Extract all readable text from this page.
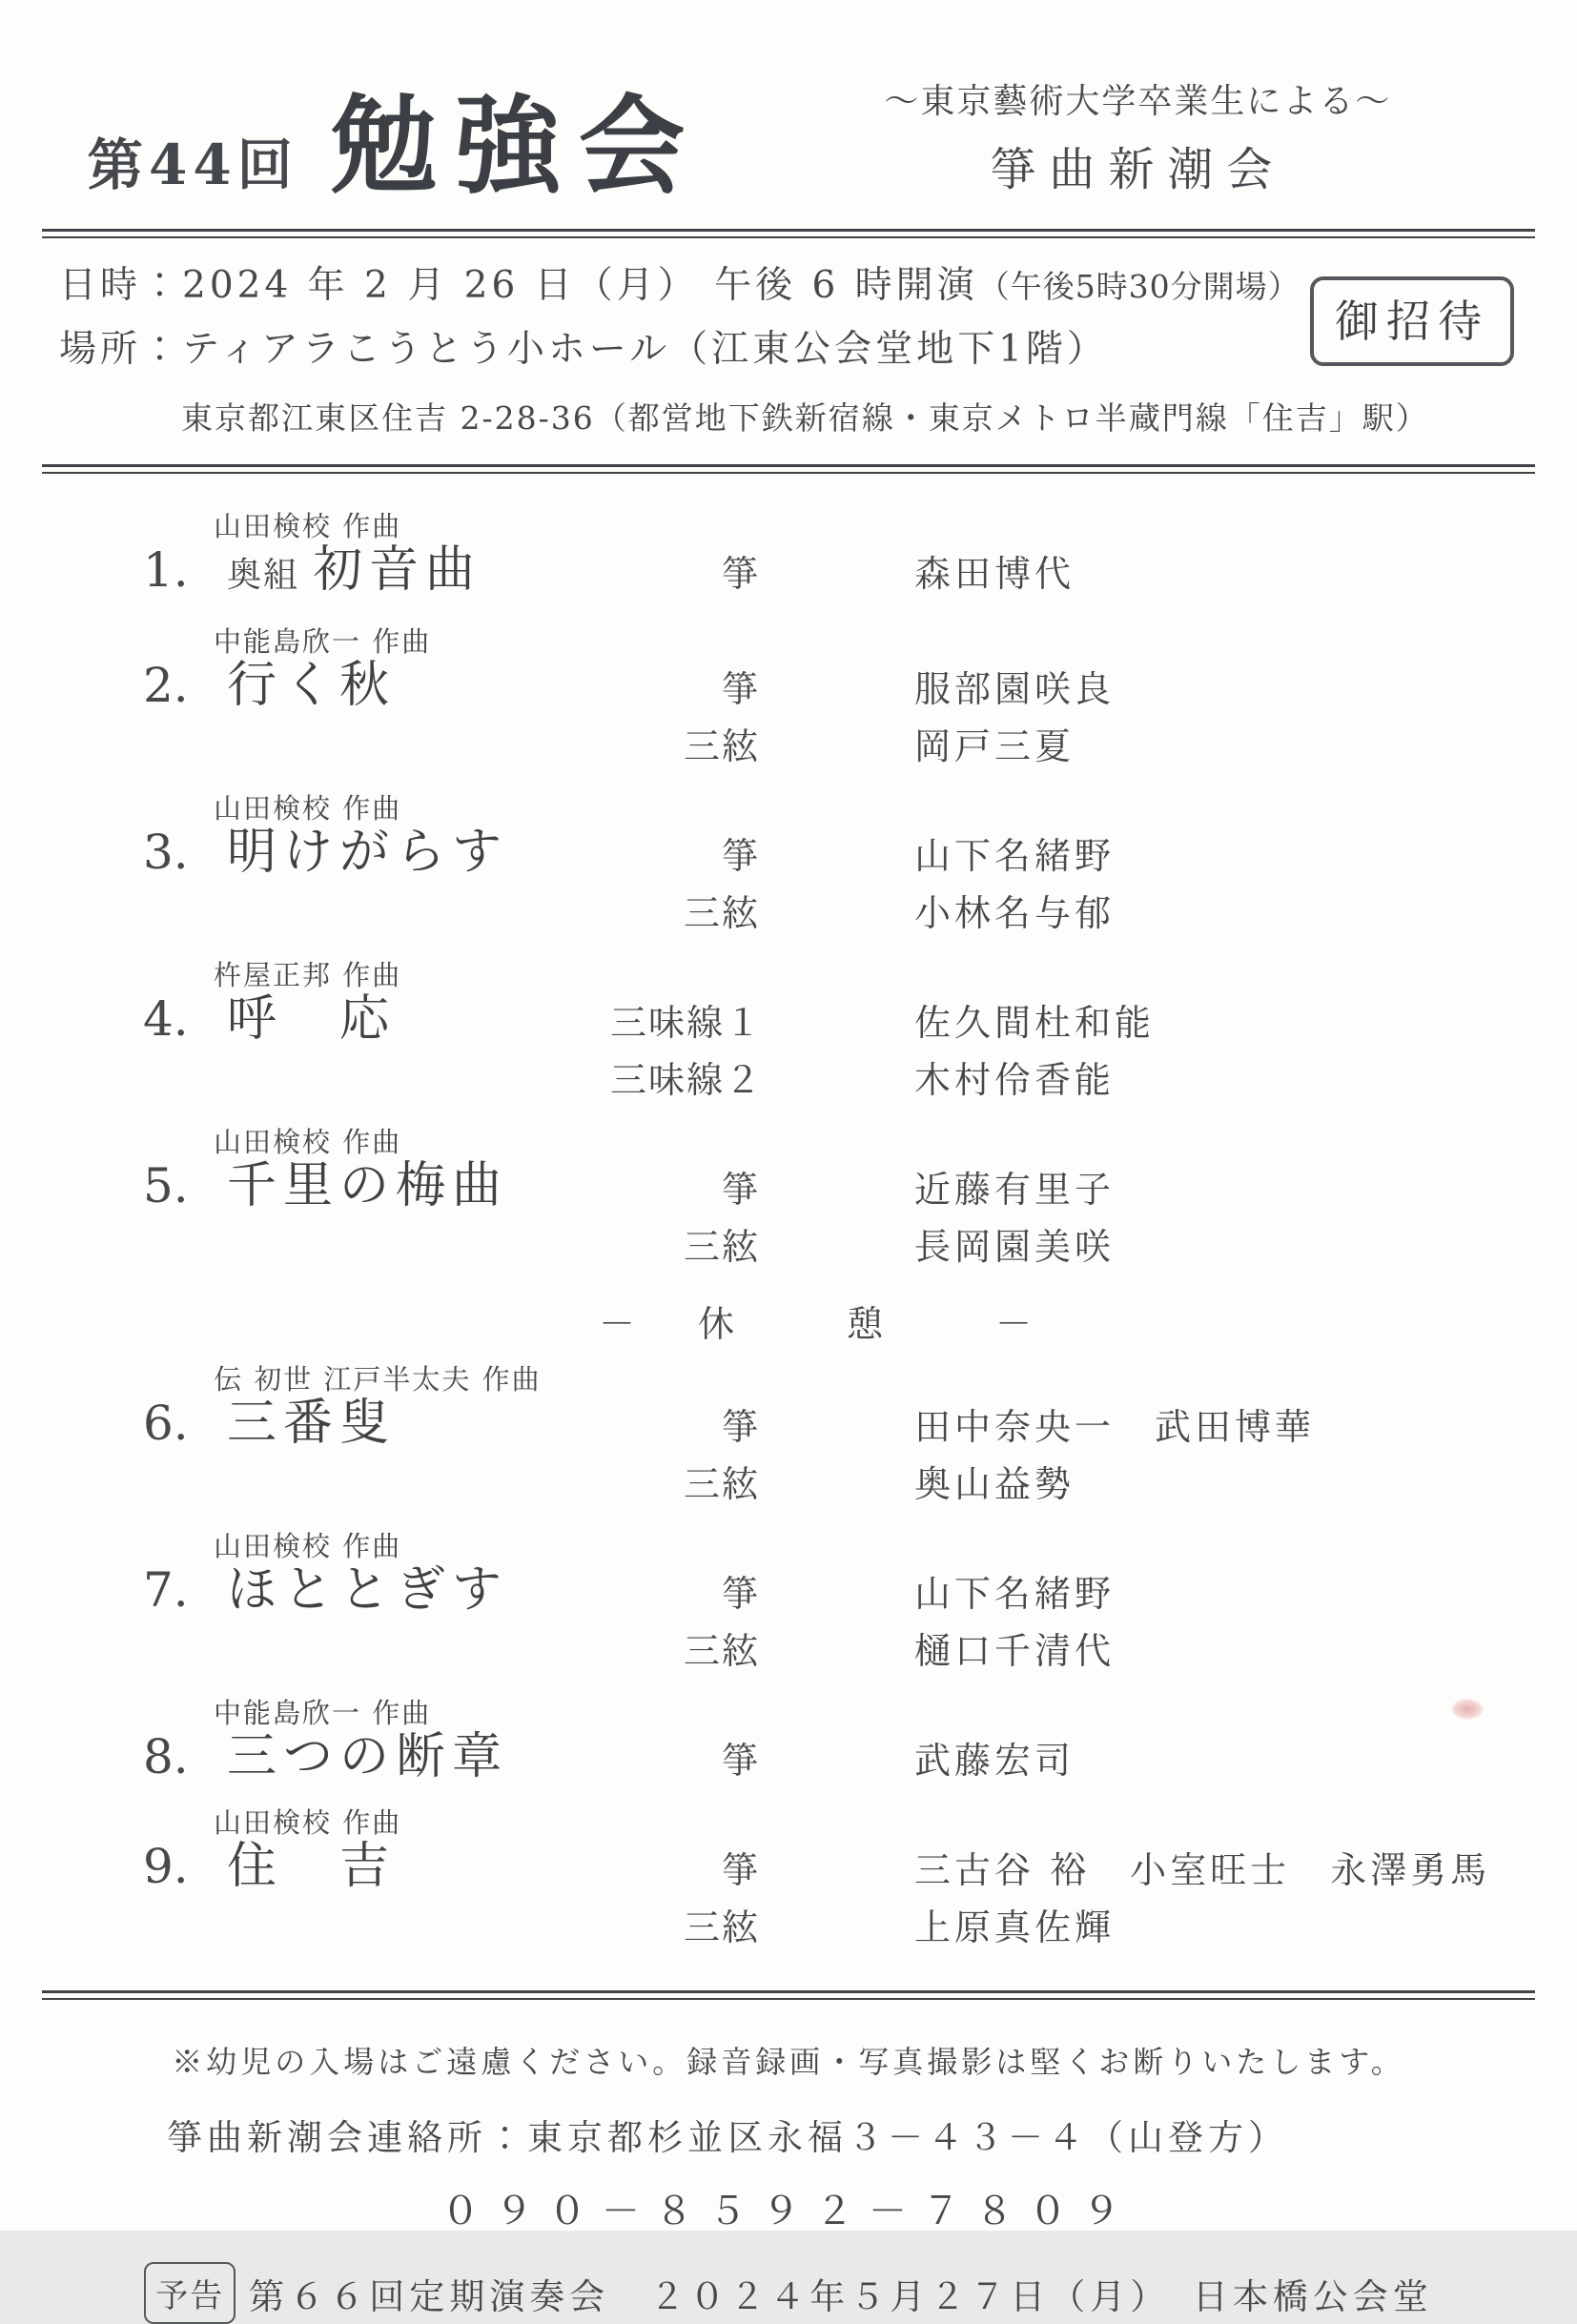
第44回 勉強会	～東京藝術大学卒業生による～
箏曲新潮会
日時：2024 年 2 月 26 日（月） 午後 6 時開演（午後5時30分開場）
場所：ティアラこうとう小ホール（江東公会堂地下1階）
東京都江東区住吉 2-28-36（都営地下鉄新宿線・東京メトロ半蔵門線「住吉」駅）
御招待
山田検校 作曲
1.	奥組 初音曲	箏	森田博代
中能島欣一 作曲
2. 行く秋	箏	服部園咲良
三絃	岡戸三夏
山田検校 作曲
3. 明けがらす	箏	山下名緒野
三絃	小林名与郁
杵屋正邦 作曲
4. 呼　応	三味線１	佐久間杜和能
三味線２	木村伶香能
山田検校 作曲
5. 千里の梅曲	箏	近藤有里子
三絃	長岡園美咲
－　休　　憩　　－
伝 初世 江戸半太夫 作曲
6. 三番叟	箏	田中奈央一　武田博華
三絃	奥山益勢
山田検校 作曲
7. ほととぎす	箏	山下名緒野
三絃	樋口千清代
中能島欣一 作曲
8. 三つの断章	箏	武藤宏司
山田検校 作曲
9. 住　吉	箏	三古谷 裕　小室旺士　永澤勇馬
三絃	上原真佐輝
※幼児の入場はご遠慮ください。録音録画・写真撮影は堅くお断りいたします。
箏曲新潮会連絡所：東京都杉並区永福３－４３－４（山登方）
０９０－８５９２－７８０９
予告 第６６回定期演奏会　２０２４年５月２７日（月）　日本橋公会堂
